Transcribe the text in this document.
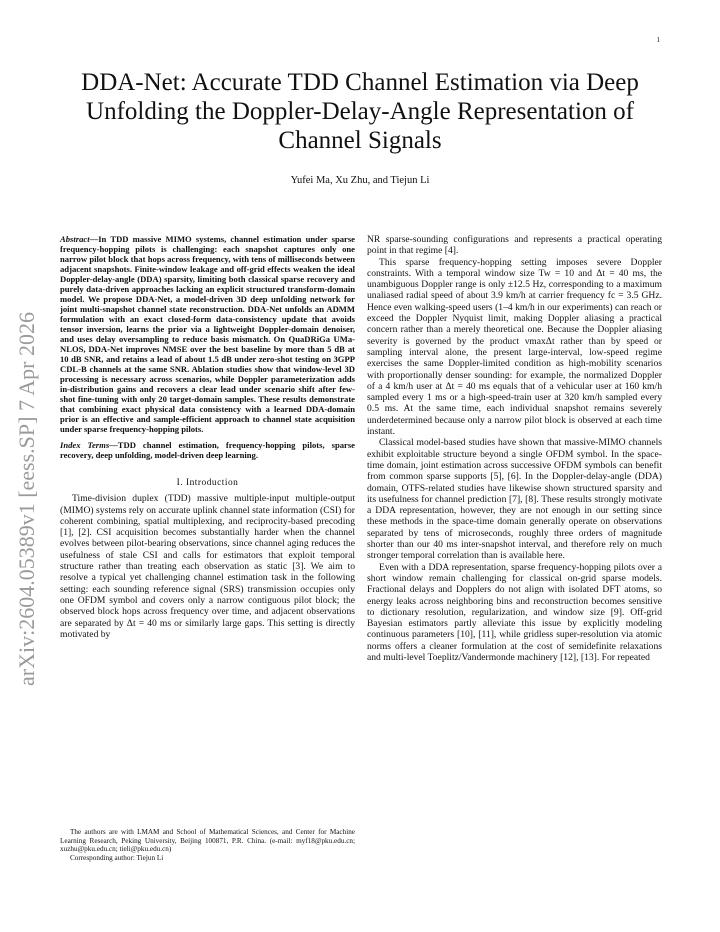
1
arXiv:2604.05389v1 [eess.SP] 7 Apr 2026
DDA-Net: Accurate TDD Channel Estimation via Deep Unfolding the Doppler-Delay-Angle Representation of Channel Signals
Yufei Ma, Xu Zhu, and Tiejun Li
Abstract—In TDD massive MIMO systems, channel estimation under sparse frequency-hopping pilots is challenging: each snapshot captures only one narrow pilot block that hops across frequency, with tens of milliseconds between adjacent snapshots. Finite-window leakage and off-grid effects weaken the ideal Doppler-delay-angle (DDA) sparsity, limiting both classical sparse recovery and purely data-driven approaches lacking an explicit structured transform-domain model. We propose DDA-Net, a model-driven 3D deep unfolding network for joint multi-snapshot channel state reconstruction. DDA-Net unfolds an ADMM formulation with an exact closed-form data-consistency update that avoids tensor inversion, learns the prior via a lightweight Doppler-domain denoiser, and uses delay oversampling to reduce basis mismatch. On QuaDRiGa UMa-NLOS, DDA-Net improves NMSE over the best baseline by more than 5 dB at 10 dB SNR, and retains a lead of about 1.5 dB under zero-shot testing on 3GPP CDL-B channels at the same SNR. Ablation studies show that window-level 3D processing is necessary across scenarios, while Doppler parameterization adds in-distribution gains and recovers a clear lead under scenario shift after few-shot fine-tuning with only 20 target-domain samples. These results demonstrate that combining exact physical data consistency with a learned DDA-domain prior is an effective and sample-efficient approach to channel state acquisition under sparse frequency-hopping pilots.
Index Terms—TDD channel estimation, frequency-hopping pilots, sparse recovery, deep unfolding, model-driven deep learning.
I. Introduction

Time-division duplex (TDD) massive multiple-input multiple-output (MIMO) systems rely on accurate uplink channel state information (CSI) for coherent combining, spatial multiplexing, and reciprocity-based precoding [1], [2]. CSI acquisition becomes substantially harder when the channel evolves between pilot-bearing observations, since channel aging reduces the usefulness of stale CSI and calls for estimators that exploit temporal structure rather than treating each observation as static [3]. We aim to resolve a typical yet challenging channel estimation task in the following setting: each sounding reference signal (SRS) transmission occupies only one OFDM symbol and covers only a narrow contiguous pilot block; the observed block hops across frequency over time, and adjacent observations are separated by Δt = 40 ms or similarly large gaps. This setting is directly motivated by

NR sparse-sounding configurations and represents a practical operating point in that regime [4].

This sparse frequency-hopping setting imposes severe Doppler constraints. With a temporal window size Tw = 10 and Δt = 40 ms, the unambiguous Doppler range is only ±12.5 Hz, corresponding to a maximum unaliased radial speed of about 3.9 km/h at carrier frequency fc = 3.5 GHz. Hence even walking-speed users (1–4 km/h in our experiments) can reach or exceed the Doppler Nyquist limit, making Doppler aliasing a practical concern rather than a merely theoretical one. Because the Doppler aliasing severity is governed by the product νmaxΔt rather than by speed or sampling interval alone, the present large-interval, low-speed regime exercises the same Doppler-limited condition as high-mobility scenarios with proportionally denser sounding: for example, the normalized Doppler of a 4 km/h user at Δt = 40 ms equals that of a vehicular user at 160 km/h sampled every 1 ms or a high-speed-train user at 320 km/h sampled every 0.5 ms. At the same time, each individual snapshot remains severely underdetermined because only a narrow pilot block is observed at each time instant.

Classical model-based studies have shown that massive-MIMO channels exhibit exploitable structure beyond a single OFDM symbol. In the space-time domain, joint estimation across successive OFDM symbols can benefit from common sparse supports [5], [6]. In the Doppler-delay-angle (DDA) domain, OTFS-related studies have likewise shown structured sparsity and its usefulness for channel prediction [7], [8]. These results strongly motivate a DDA representation, however, they are not enough in our setting since these methods in the space-time domain generally operate on observations separated by tens of microseconds, roughly three orders of magnitude shorter than our 40 ms inter-snapshot interval, and therefore rely on much stronger temporal correlation than is available here.

Even with a DDA representation, sparse frequency-hopping pilots over a short window remain challenging for classical on-grid sparse models. Fractional delays and Dopplers do not align with isolated DFT atoms, so energy leaks across neighboring bins and reconstruction becomes sensitive to dictionary resolution, regularization, and window size [9]. Off-grid Bayesian estimators partly alleviate this issue by explicitly modeling continuous parameters [10], [11], while gridless super-resolution via atomic norms offers a cleaner formulation at the cost of semidefinite relaxations and multi-level Toeplitz/Vandermonde machinery [12], [13]. For repeated

The authors are with LMAM and School of Mathematical Sciences, and Center for Machine Learning Research, Peking University, Beijing 100871, P.R. China. (e-mail: myf18@pku.edu.cn; xuzhu@pku.edu.cn; tieli@pku.edu.cn)

Corresponding author: Tiejun Li
